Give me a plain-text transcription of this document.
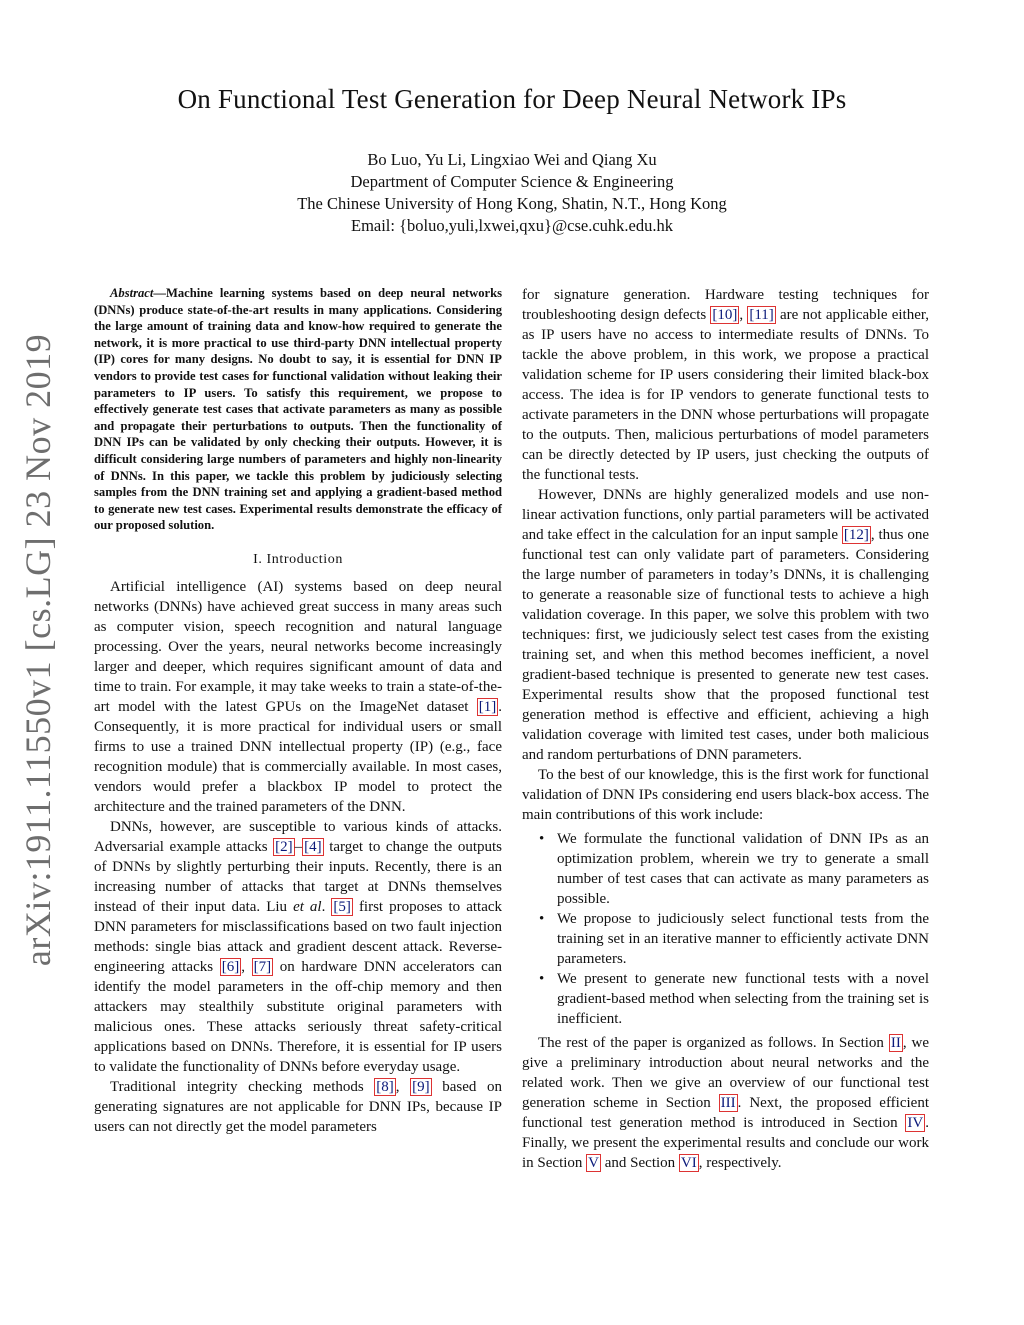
arXiv:1911.11550v1 [cs.LG] 23 Nov 2019
On Functional Test Generation for Deep Neural Network IPs
Bo Luo, Yu Li, Lingxiao Wei and Qiang Xu
Department of Computer Science & Engineering
The Chinese University of Hong Kong, Shatin, N.T., Hong Kong
Email: {boluo,yuli,lxwei,qxu}@cse.cuhk.edu.hk

Abstract—Machine learning systems based on deep neural networks (DNNs) produce state-of-the-art results in many applications. Considering the large amount of training data and know-how required to generate the network, it is more practical to use third-party DNN intellectual property (IP) cores for many designs. No doubt to say, it is essential for DNN IP vendors to provide test cases for functional validation without leaking their parameters to IP users. To satisfy this requirement, we propose to effectively generate test cases that activate parameters as many as possible and propagate their perturbations to outputs. Then the functionality of DNN IPs can be validated by only checking their outputs. However, it is difficult considering large numbers of parameters and highly non-linearity of DNNs. In this paper, we tackle this problem by judiciously selecting samples from the DNN training set and applying a gradient-based method to generate new test cases. Experimental results demonstrate the efficacy of our proposed solution.

I. Introduction

Artificial intelligence (AI) systems based on deep neural networks (DNNs) have achieved great success in many areas such as computer vision, speech recognition and natural language processing. Over the years, neural networks become increasingly larger and deeper, which requires significant amount of data and time to train. For example, it may take weeks to train a state-of-the-art model with the latest GPUs on the ImageNet dataset [1] . Consequently, it is more practical for individual users or small firms to use a trained DNN intellectual property (IP) (e.g., face recognition module) that is commercially available. In most cases, vendors would prefer a blackbox IP model to protect the architecture and the trained parameters of the DNN.

DNNs, however, are susceptible to various kinds of attacks. Adversarial example attacks [2] – [4] target to change the outputs of DNNs by slightly perturbing their inputs. Recently, there is an increasing number of attacks that target at DNNs themselves instead of their input data. Liu et al. [5] first proposes to attack DNN parameters for misclassifications based on two fault injection methods: single bias attack and gradient descent attack. Reverse-engineering attacks [6] , [7] on hardware DNN accelerators can identify the model parameters in the off-chip memory and then attackers may stealthily substitute original parameters with malicious ones. These attacks seriously threat safety-critical applications based on DNNs. Therefore, it is essential for IP users to validate the functionality of DNNs before everyday usage.

Traditional integrity checking methods [8] , [9] based on generating signatures are not applicable for DNN IPs, because IP users can not directly get the model parameters

for signature generation. Hardware testing techniques for troubleshooting design defects [10] , [11] are not applicable either, as IP users have no access to intermediate results of DNNs. To tackle the above problem, in this work, we propose a practical validation scheme for IP users considering their limited black-box access. The idea is for IP vendors to generate functional tests to activate parameters in the DNN whose perturbations will propagate to the outputs. Then, malicious perturbations of model parameters can be directly detected by IP users, just checking the outputs of the functional tests.

However, DNNs are highly generalized models and use non-linear activation functions, only partial parameters will be activated and take effect in the calculation for an input sample [12] , thus one functional test can only validate part of parameters. Considering the large number of parameters in today’s DNNs, it is challenging to generate a reasonable size of functional tests to achieve a high validation coverage. In this paper, we solve this problem with two techniques: first, we judiciously select test cases from the existing training set, and when this method becomes inefficient, a novel gradient-based technique is presented to generate new test cases. Experimental results show that the proposed functional test generation method is effective and efficient, achieving a high validation coverage with limited test cases, under both malicious and random perturbations of DNN parameters.

To the best of our knowledge, this is the first work for functional validation of DNN IPs considering end users black-box access. The main contributions of this work include:

• We formulate the functional validation of DNN IPs as an optimization problem, wherein we try to generate a small number of test cases that can activate as many parameters as possible.
• We propose to judiciously select functional tests from the training set in an iterative manner to efficiently activate DNN parameters.
• We present to generate new functional tests with a novel gradient-based method when selecting from the training set is inefficient.

The rest of the paper is organized as follows. In Section II , we give a preliminary introduction about neural networks and the related work. Then we give an overview of our functional test generation scheme in Section III . Next, the proposed efficient functional test generation method is introduced in Section IV . Finally, we present the experimental results and conclude our work in Section V and Section VI , respectively.
